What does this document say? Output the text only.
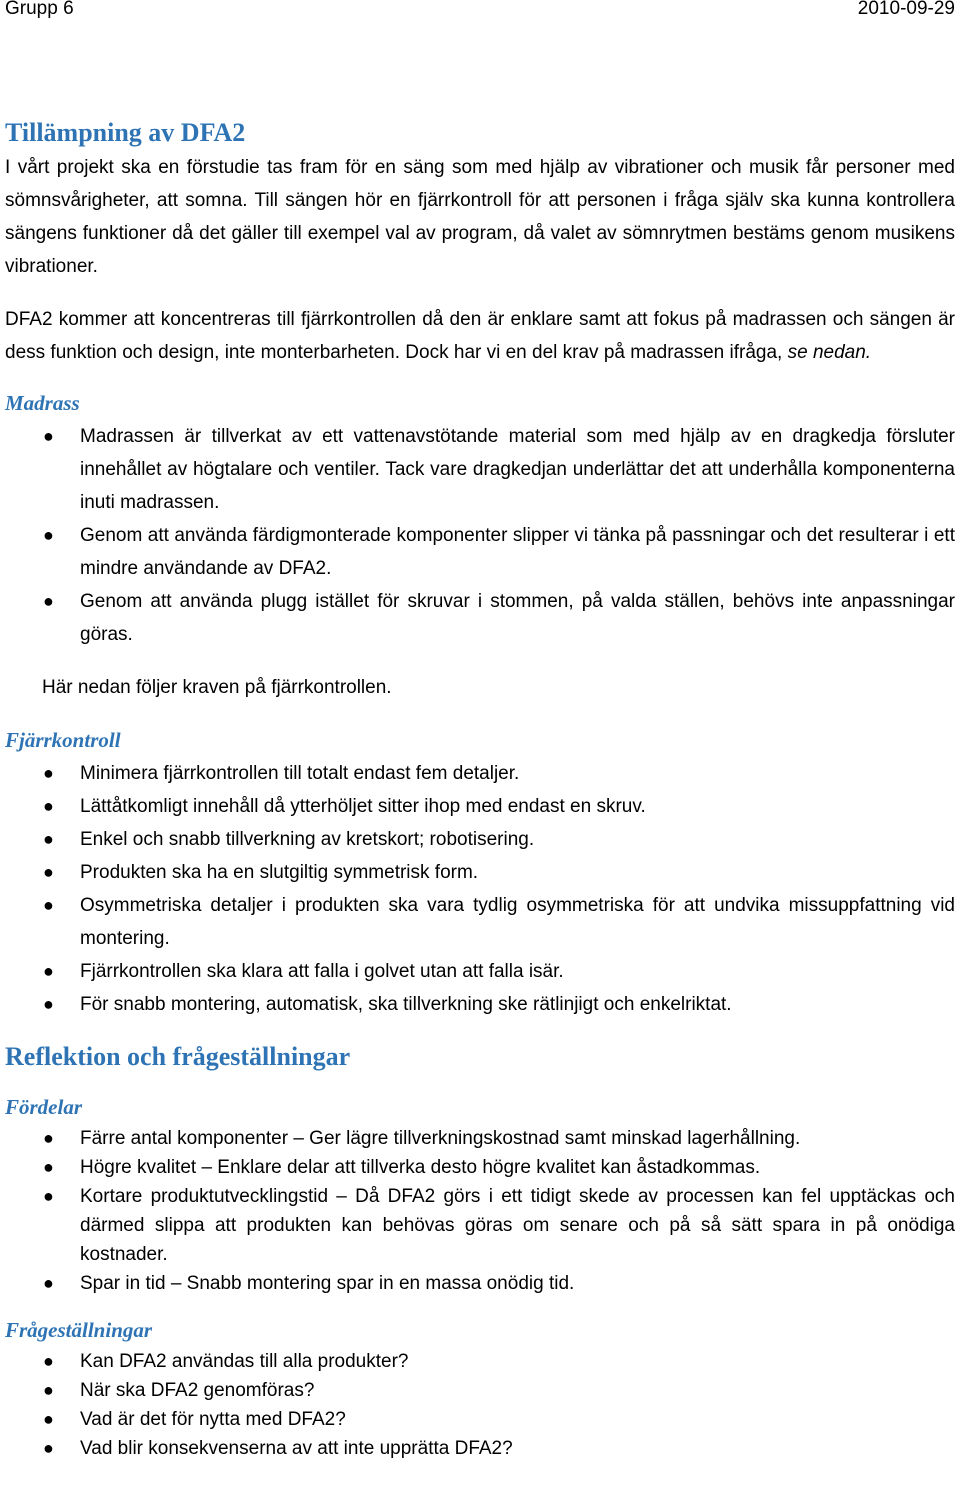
Grupp 6	2010-09-29
Tillämpning av DFA2

I vårt projekt ska en förstudie tas fram för en säng som med hjälp av vibrationer och musik får personer med sömnsvårigheter, att somna. Till sängen hör en fjärrkontroll för att personen i fråga själv ska kunna kontrollera sängens funktioner då det gäller till exempel val av program, då valet av sömnrytmen bestäms genom musikens vibrationer.

DFA2 kommer att koncentreras till fjärrkontrollen då den är enklare samt att fokus på madrassen och sängen är dess funktion och design, inte monterbarheten. Dock har vi en del krav på madrassen ifråga, se nedan.

Madrass
● Madrassen är tillverkat av ett vattenavstötande material som med hjälp av en dragkedja försluter innehållet av högtalare och ventiler. Tack vare dragkedjan underlättar det att underhålla komponenterna inuti madrassen.
● Genom att använda färdigmonterade komponenter slipper vi tänka på passningar och det resulterar i ett mindre användande av DFA2.
● Genom att använda plugg istället för skruvar i stommen, på valda ställen, behövs inte anpassningar göras.

Här nedan följer kraven på fjärrkontrollen.

Fjärrkontroll
● Minimera fjärrkontrollen till totalt endast fem detaljer.
● Lättåtkomligt innehåll då ytterhöljet sitter ihop med endast en skruv.
● Enkel och snabb tillverkning av kretskort; robotisering.
● Produkten ska ha en slutgiltig symmetrisk form.
● Osymmetriska detaljer i produkten ska vara tydlig osymmetriska för att undvika missuppfattning vid montering.
● Fjärrkontrollen ska klara att falla i golvet utan att falla isär.
● För snabb montering, automatisk, ska tillverkning ske rätlinjigt och enkelriktat.
Reflektion och frågeställningar
Fördelar
● Färre antal komponenter – Ger lägre tillverkningskostnad samt minskad lagerhållning.
● Högre kvalitet – Enklare delar att tillverka desto högre kvalitet kan åstadkommas.
● Kortare produktutvecklingstid – Då DFA2 görs i ett tidigt skede av processen kan fel upptäckas och därmed slippa att produkten kan behövas göras om senare och på så sätt spara in på onödiga kostnader.
● Spar in tid – Snabb montering spar in en massa onödig tid.
Frågeställningar
● Kan DFA2 användas till alla produkter?
● När ska DFA2 genomföras?
● Vad är det för nytta med DFA2?
● Vad blir konsekvenserna av att inte upprätta DFA2?
